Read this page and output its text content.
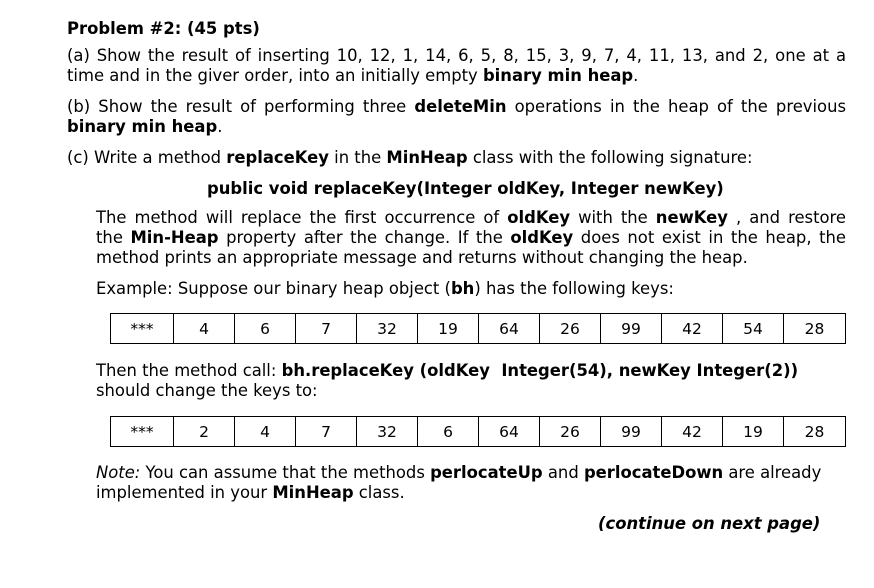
Problem #2: (45 pts)
(a) Show the result of inserting 10, 12, 1, 14, 6, 5, 8, 15, 3, 9, 7, 4, 11, 13, and 2, one at a
time and in the giver order, into an initially empty binary min heap.
(b) Show the result of performing three deleteMin operations in the heap of the previous
binary min heap.
(c) Write a method replaceKey in the MinHeap class with the following signature:
public void replaceKey(Integer oldKey, Integer newKey)
The method will replace the first occurrence of oldKey with the newKey , and restore
the Min-Heap property after the change. If the oldKey does not exist in the heap, the
method prints an appropriate message and returns without changing the heap.
Example: Suppose our binary heap object (bh) has the following keys:
***	4	6	7	32	19	64	26	99	42	54	28
Then the method call: bh.replaceKey (oldKey  Integer(54), newKey Integer(2))
should change the keys to:
***	2	4	7	32	6	64	26	99	42	19	28
Note: You can assume that the methods perlocateUp and perlocateDown are already
implemented in your MinHeap class.
(continue on next page)
